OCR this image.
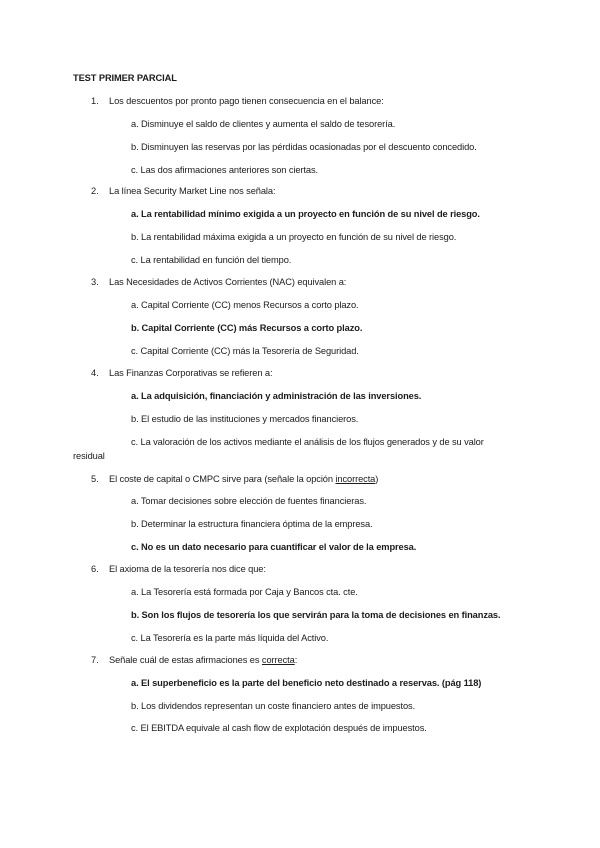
TEST PRIMER PARCIAL
1. Los descuentos por pronto pago tienen consecuencia en el balance:
a. Disminuye el saldo de clientes y aumenta el saldo de tesorería.
b. Disminuyen las reservas por las pérdidas ocasionadas por el descuento concedido.
c. Las dos afirmaciones anteriores son ciertas.
2. La línea Security Market Line nos señala:
a. La rentabilidad mínimo exigida a un proyecto en función de su nivel de riesgo.
b. La rentabilidad máxima exigida a un proyecto en función de su nivel de riesgo.
c. La rentabilidad en función del tiempo.
3. Las Necesidades de Activos Corrientes (NAC) equivalen a:
a. Capital Corriente (CC) menos Recursos a corto plazo.
b. Capital Corriente (CC) más Recursos a corto plazo.
c. Capital Corriente (CC) más la Tesorería de Seguridad.
4. Las Finanzas Corporativas se refieren a:
a. La adquisición, financiación y administración de las inversiones.
b. El estudio de las instituciones y mercados financieros.
c. La valoración de los activos mediante el análisis de los flujos generados y de su valor
residual
5. El coste de capital o CMPC sirve para (señale la opción incorrecta)
a. Tomar decisiones sobre elección de fuentes financieras.
b. Determinar la estructura financiera óptima de la empresa.
c. No es un dato necesario para cuantificar el valor de la empresa.
6. El axioma de la tesorería nos dice que:
a. La Tesorería está formada por Caja y Bancos cta. cte.
b. Son los flujos de tesorería los que servirán para la toma de decisiones en finanzas.
c. La Tesorería es la parte más líquida del Activo.
7. Señale cuál de estas afirmaciones es correcta:
a. El superbeneficio es la parte del beneficio neto destinado a reservas. (pág 118)
b. Los dividendos representan un coste financiero antes de impuestos.
c. El EBITDA equivale al cash flow de explotación después de impuestos.
